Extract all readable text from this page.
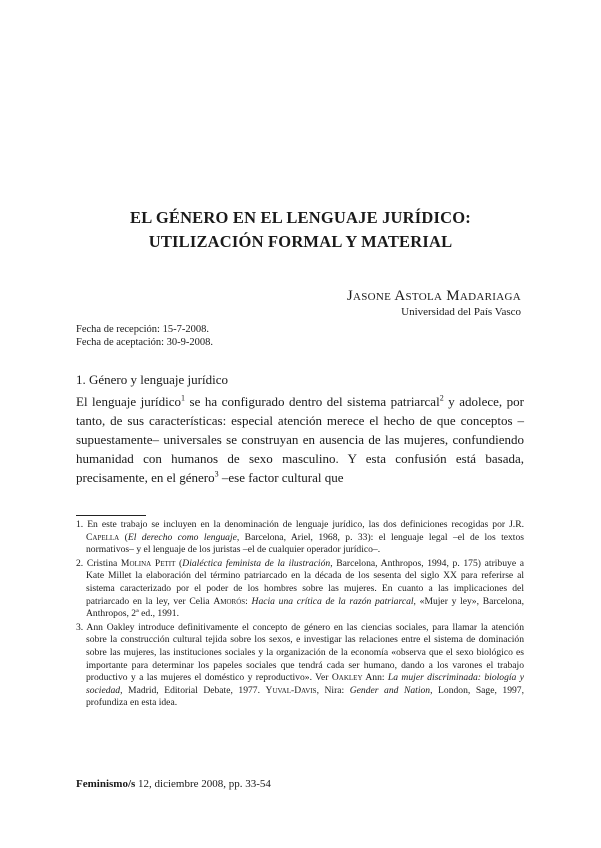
EL GÉNERO EN EL LENGUAJE JURÍDICO:
UTILIZACIÓN FORMAL Y MATERIAL
Jasone Astola Madariaga
Universidad del País Vasco
Fecha de recepción: 15-7-2008.
Fecha de aceptación: 30-9-2008.
1. Género y lenguaje jurídico

El lenguaje jurídico$^1$ se ha configurado dentro del sistema patriarcal$^2$ y adolece, por tanto, de sus características: especial atención merece el hecho de que conceptos –supuestamente– universales se construyan en ausencia de las mujeres, confundiendo humanidad con humanos de sexo masculino. Y esta confusión está basada, precisamente, en el género$^3$ –ese factor cultural que

1. En este trabajo se incluyen en la denominación de lenguaje jurídico, las dos definiciones recogidas por J.R. Capella (El derecho como lenguaje, Barcelona, Ariel, 1968, p. 33): el lenguaje legal –el de los textos normativos– y el lenguaje de los juristas –el de cualquier operador jurídico–.
2. Cristina Molina Petit (Dialéctica feminista de la ilustración, Barcelona, Anthropos, 1994, p. 175) atribuye a Kate Millet la elaboración del término patriarcado en la década de los sesenta del siglo XX para referirse al sistema caracterizado por el poder de los hombres sobre las mujeres. En cuanto a las implicaciones del patriarcado en la ley, ver Celia Amorós: Hacia una crítica de la razón patriarcal, «Mujer y ley», Barcelona, Anthropos, 2ª ed., 1991.
3. Ann Oakley introduce definitivamente el concepto de género en las ciencias sociales, para llamar la atención sobre la construcción cultural tejida sobre los sexos, e investigar las relaciones entre el sistema de dominación sobre las mujeres, las instituciones sociales y la organización de la economía «observa que el sexo biológico es importante para determinar los papeles sociales que tendrá cada ser humano, dando a los varones el trabajo productivo y a las mujeres el doméstico y reproductivo». Ver Oakley Ann: La mujer discriminada: biología y sociedad, Madrid, Editorial Debate, 1977. Yuval-Davis, Nira: Gender and Nation, London, Sage, 1997, profundiza en esta idea.
Feminismo/s 12, diciembre 2008, pp. 33-54
